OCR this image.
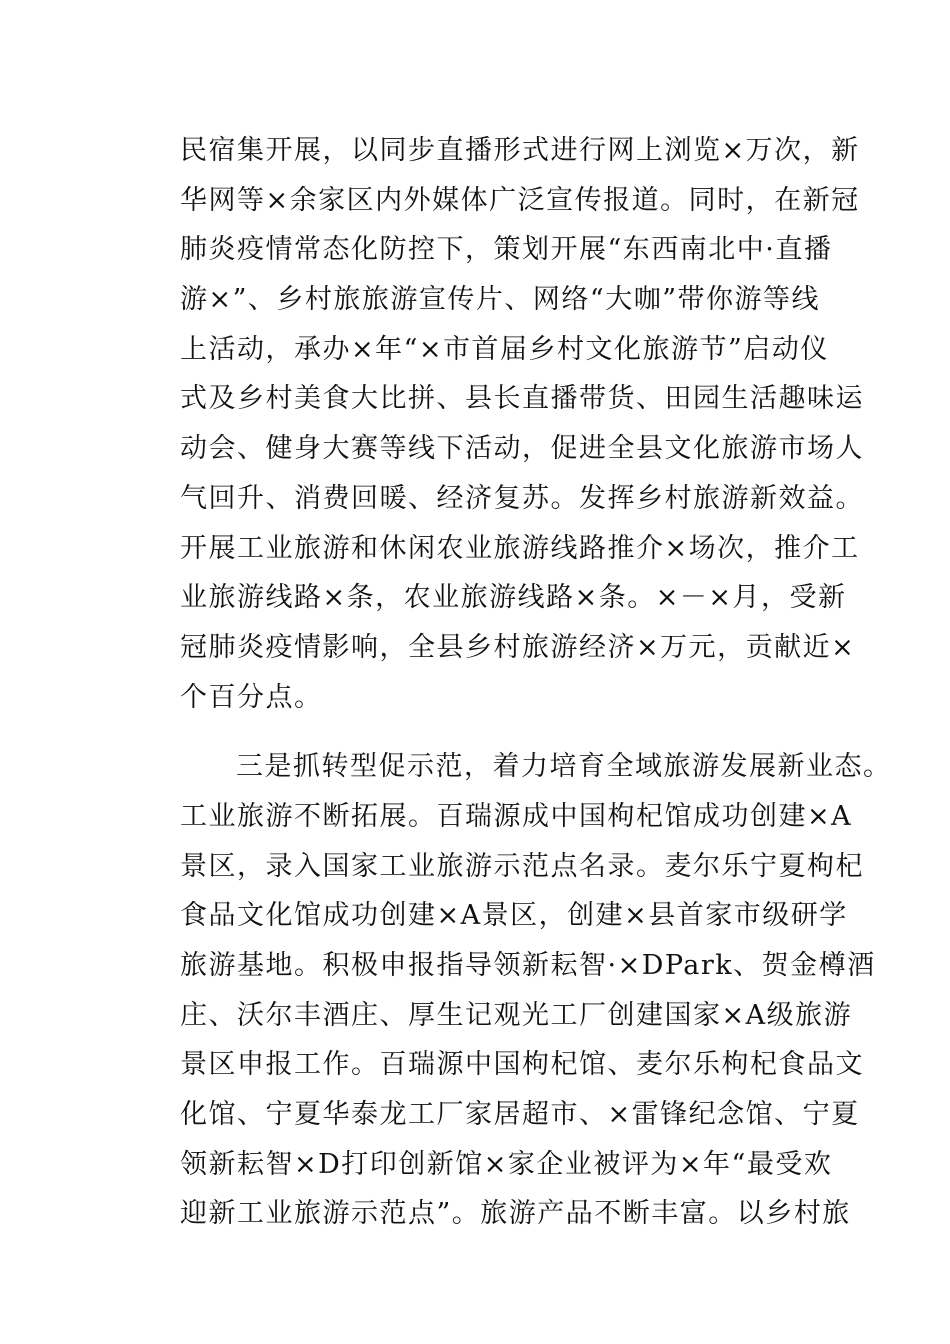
民宿集开展，以同步直播形式进行网上浏览×万次，新
华网等×余家区内外媒体广泛宣传报道。同时，在新冠
肺炎疫情常态化防控下，策划开展“东西南北中·直播
游×”、乡村旅旅游宣传片、网络“大咖”带你游等线
上活动，承办×年“×市首届乡村文化旅游节”启动仪
式及乡村美食大比拼、县长直播带货、田园生活趣味运
动会、健身大赛等线下活动，促进全县文化旅游市场人
气回升、消费回暖、经济复苏。发挥乡村旅游新效益。
开展工业旅游和休闲农业旅游线路推介×场次，推介工
业旅游线路×条，农业旅游线路×条。×－×月，受新
冠肺炎疫情影响，全县乡村旅游经济×万元，贡献近×
个百分点。
三是抓转型促示范，着力培育全域旅游发展新业态。
工业旅游不断拓展。百瑞源成中国枸杞馆成功创建×A
景区，录入国家工业旅游示范点名录。麦尔乐宁夏枸杞
食品文化馆成功创建×A景区，创建×县首家市级研学
旅游基地。积极申报指导领新耘智·×DPark、贺金樽酒
庄、沃尔丰酒庄、厚生记观光工厂创建国家×A级旅游
景区申报工作。百瑞源中国枸杞馆、麦尔乐枸杞食品文
化馆、宁夏华泰龙工厂家居超市、×雷锋纪念馆、宁夏
领新耘智×D打印创新馆×家企业被评为×年“最受欢
迎新工业旅游示范点”。旅游产品不断丰富。以乡村旅
